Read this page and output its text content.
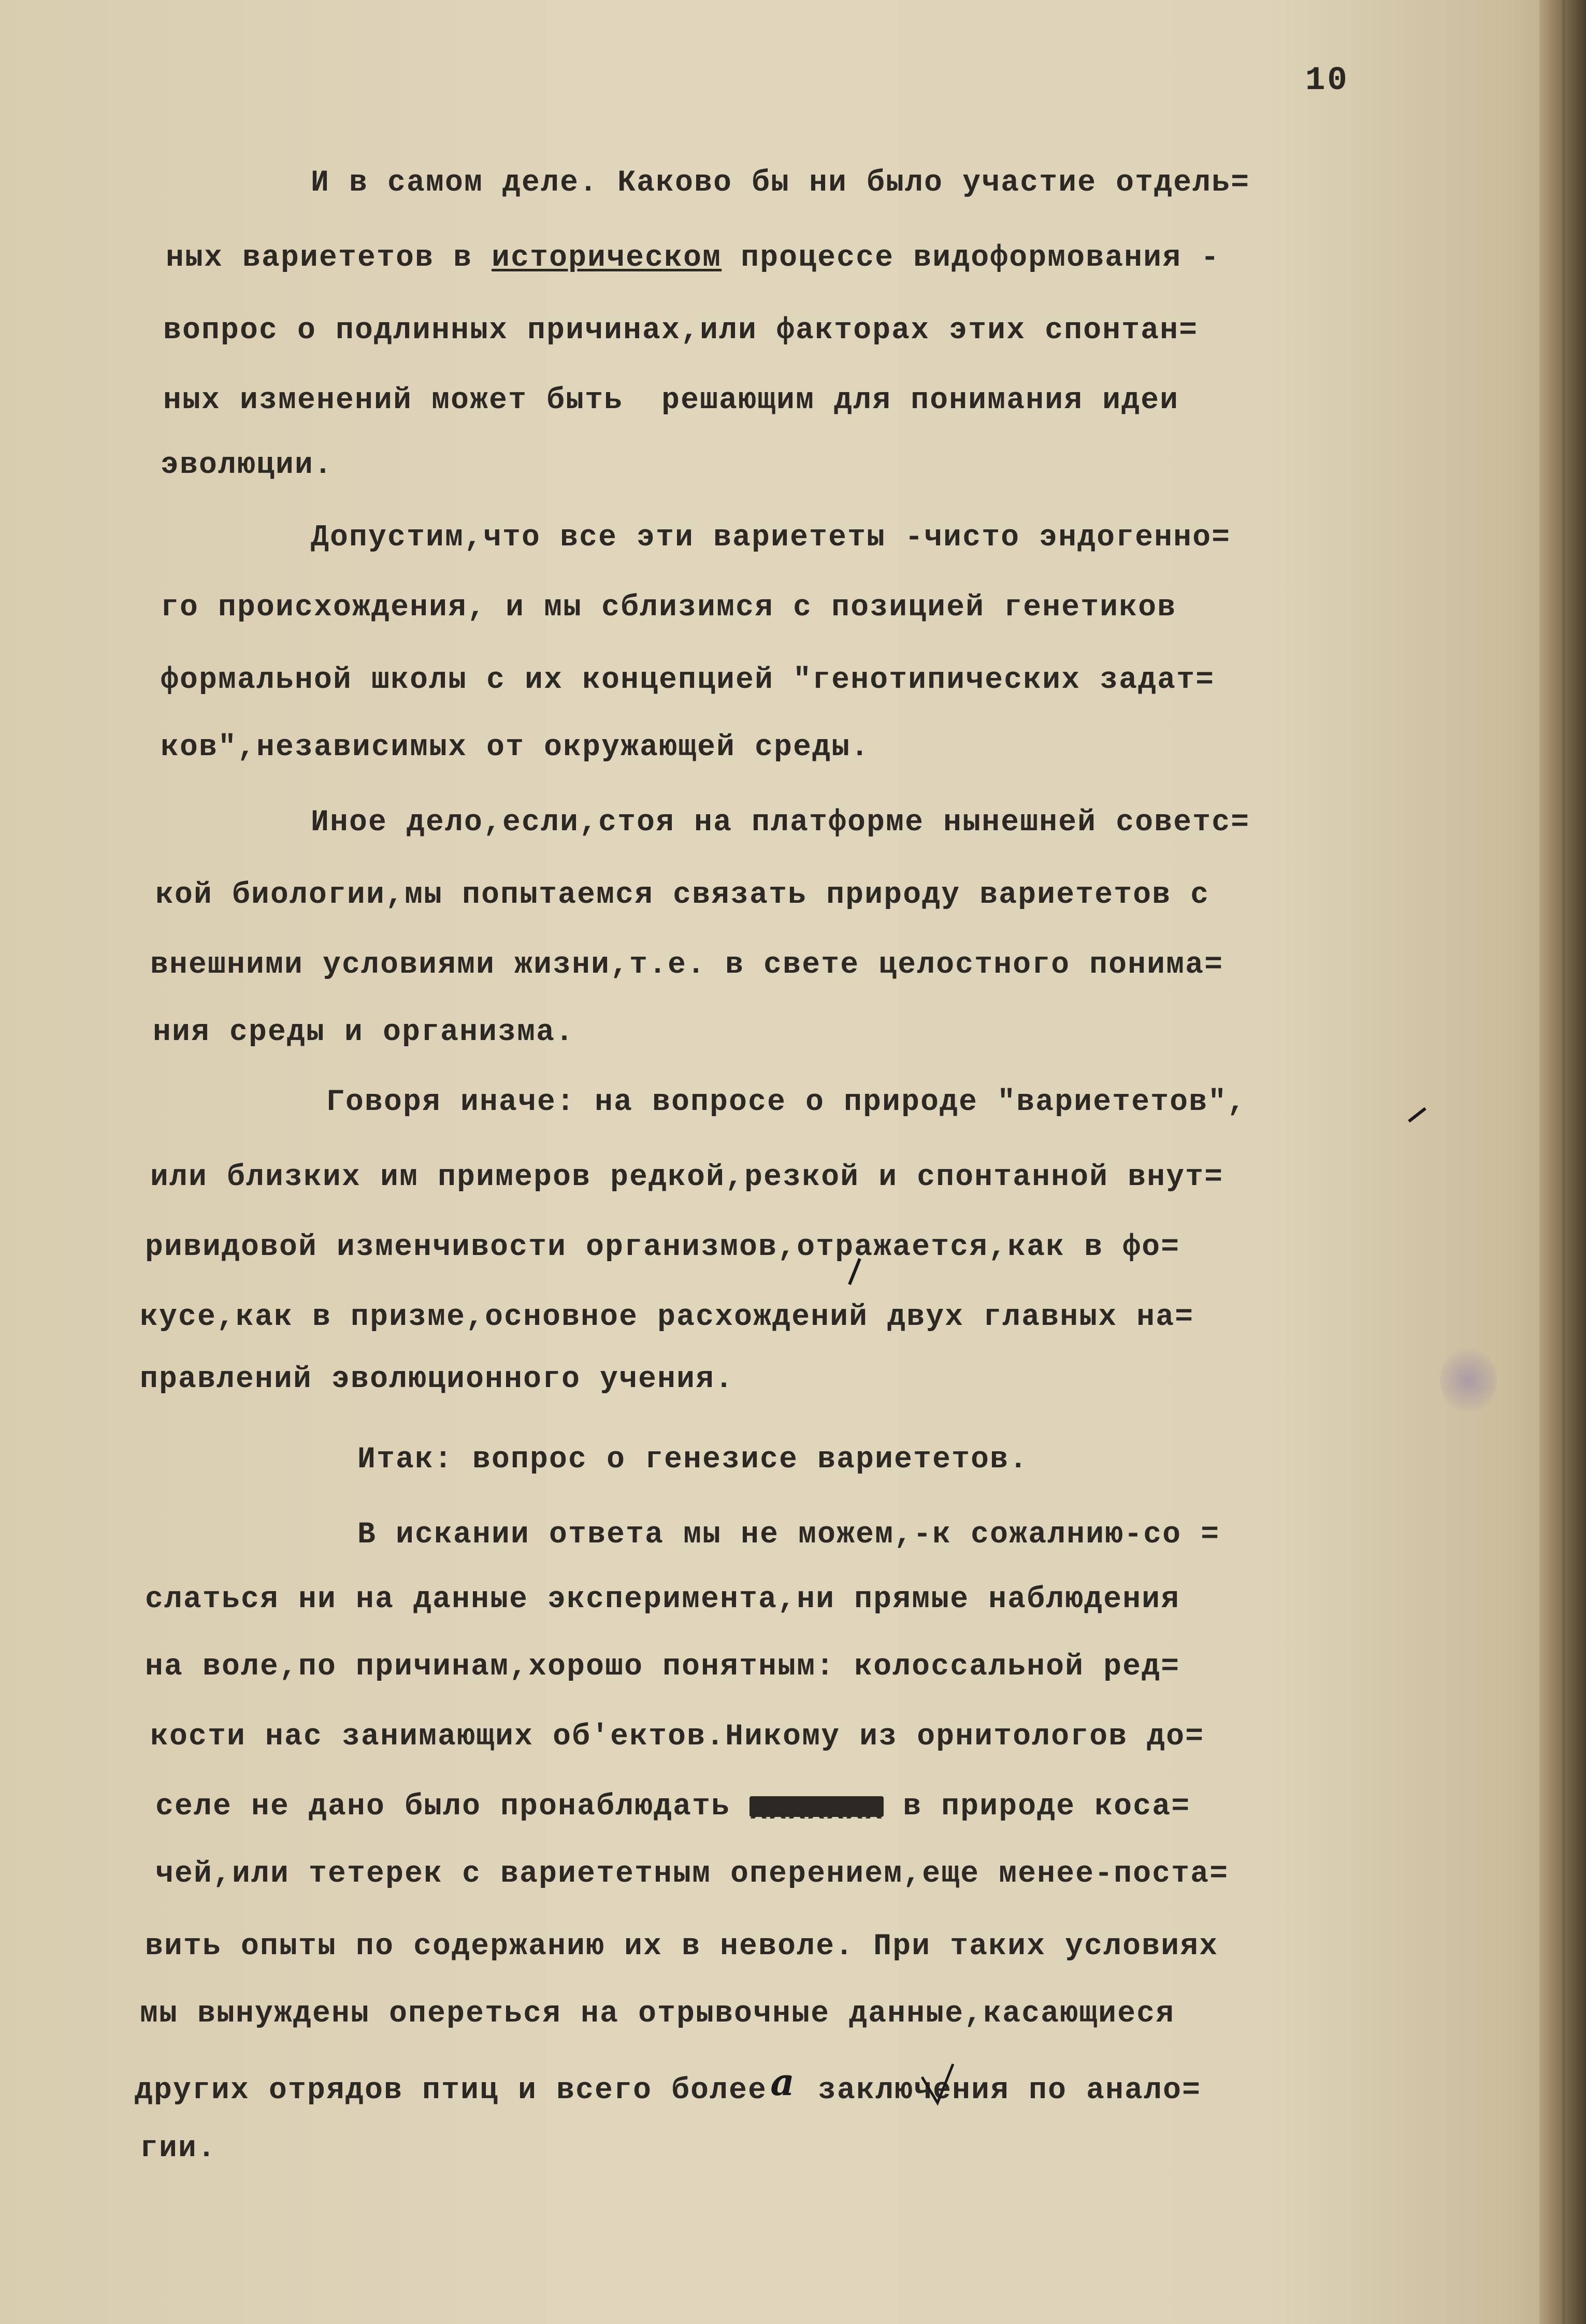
10
И в самом деле. Каково бы ни было участие отдель=
ных вариететов в историческом процессе видоформования -
вопрос о подлинных причинах,или факторах этих спонтан=
ных изменений может быть  решающим для понимания идеи
эволюции.
Допустим,что все эти вариететы -чисто эндогенно=
го происхождения, и мы сблизимся с позицией генетиков
формальной школы с их концепцией "генотипических задат=
ков",независимых от окружающей среды.
Иное дело,если,стоя на платформе нынешней советс=
кой биологии,мы попытаемся связать природу вариететов с
внешними условиями жизни,т.е. в свете целостного понима=
ния среды и организма.
Говоря иначе: на вопросе о природе "вариететов",
или близких им примеров редкой,резкой и спонтанной внут=
ривидовой изменчивости организмов,отражается,как в фо=
кусе,как в призме,основное расхождений двух главных на=
правлений эволюционного учения.
Итак: вопрос о генезисе вариететов.
В искании ответа мы не можем,-к сожалнию-со =
слаться ни на данные эксперимента,ни прямые наблюдения
на воле,по причинам,хорошо понятным: колоссальной ред=
кости нас занимающих об'ектов.Никому из орнитологов до=
селе не дано было пронаблюдать xxxxxxx в природе коса=
чей,или тетерек с вариететным оперением,еще менее-поста=
вить опыты по содержанию их в неволе. При таких условиях
мы вынуждены опереться на отрывочные данные,касающиеся
других отрядов птиц и всего болееа заключения по анало=
гии.
